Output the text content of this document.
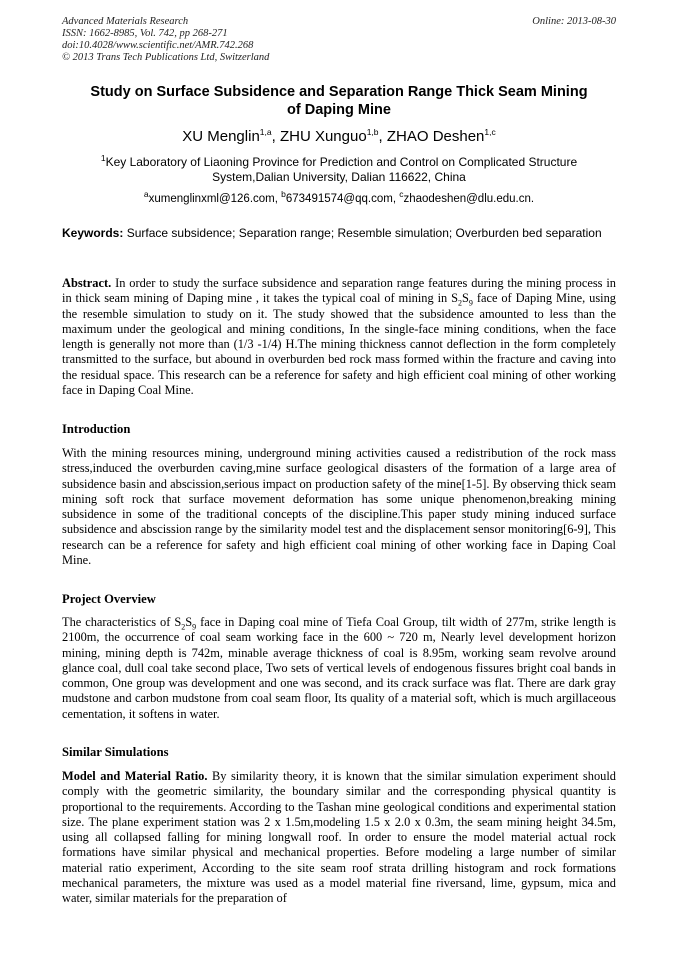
Advanced Materials Research
ISSN: 1662-8985, Vol. 742, pp 268-271
doi:10.4028/www.scientific.net/AMR.742.268
© 2013 Trans Tech Publications Ltd, Switzerland
Online: 2013-08-30
Study on Surface Subsidence and Separation Range Thick Seam Mining
of Daping Mine
XU Menglin$^{1,a}$, ZHU Xunguo$^{1,b}$, ZHAO Deshen$^{1,c}$
$^1$Key Laboratory of Liaoning Province for Prediction and Control on Complicated Structure
System,Dalian University, Dalian 116622, China
$^a$xumenglinxml@126.com, $^b$673491574@qq.com, $^c$zhaodeshen@dlu.edu.cn.
Keywords: Surface subsidence; Separation range; Resemble simulation; Overburden bed separation
Abstract. In order to study the surface subsidence and separation range features during the mining process in in thick seam mining of Daping mine , it takes the typical coal of mining in $S_2S_9$ face of Daping Mine, using the resemble simulation to study on it. The study showed that the subsidence amounted to less than the maximum under the geological and mining conditions, In the single-face mining conditions, when the face length is generally not more than (1/3 -1/4) H.The mining thickness cannot deflection in the form completely transmitted to the surface, but abound in overburden bed rock mass formed within the fracture and caving into the residual space. This research can be a reference for safety and high efficient coal mining of other working face in Daping Coal Mine.
Introduction
With the mining resources mining, underground mining activities caused a redistribution of the rock mass stress,induced the overburden caving,mine surface geological disasters of the formation of a large area of subsidence basin and abscission,serious impact on production safety of the mine[1-5]. By observing thick seam mining soft rock that surface movement deformation has some unique phenomenon,breaking mining subsidence in some of the traditional concepts of the discipline.This paper study mining induced surface subsidence and abscission range by the similarity model test and the displacement sensor monitoring[6-9], This research can be a reference for safety and high efficient coal mining of other working face in Daping Coal Mine.
Project Overview
The characteristics of $S_2S_9$ face in Daping coal mine of Tiefa Coal Group, tilt width of 277m, strike length is 2100m, the occurrence of coal seam working face in the 600 ~ 720 m, Nearly level development horizon mining, mining depth is 742m, minable average thickness of coal is 8.95m, working seam revolve around glance coal, dull coal take second place, Two sets of vertical levels of endogenous fissures bright coal bands in common, One group was development and one was second, and its crack surface was flat. There are dark gray mudstone and carbon mudstone from coal seam floor, Its quality of a material soft, which is much argillaceous cementation, it softens in water.
Similar Simulations
Model and Material Ratio. By similarity theory, it is known that the similar simulation experiment should comply with the geometric similarity, the boundary similar and the corresponding physical quantity is proportional to the requirements. According to the Tashan mine geological conditions and experimental station size. The plane experiment station was 2 x 1.5m,modeling 1.5 x 2.0 x 0.3m, the seam mining height 34.5m, using all collapsed falling for mining longwall roof. In order to ensure the model material actual rock formations have similar physical and mechanical properties. Before modeling a large number of similar material ratio experiment, According to the site seam roof strata drilling histogram and rock formations mechanical parameters, the mixture was used as a model material fine riversand, lime, gypsum, mica and water, similar materials for the preparation of
